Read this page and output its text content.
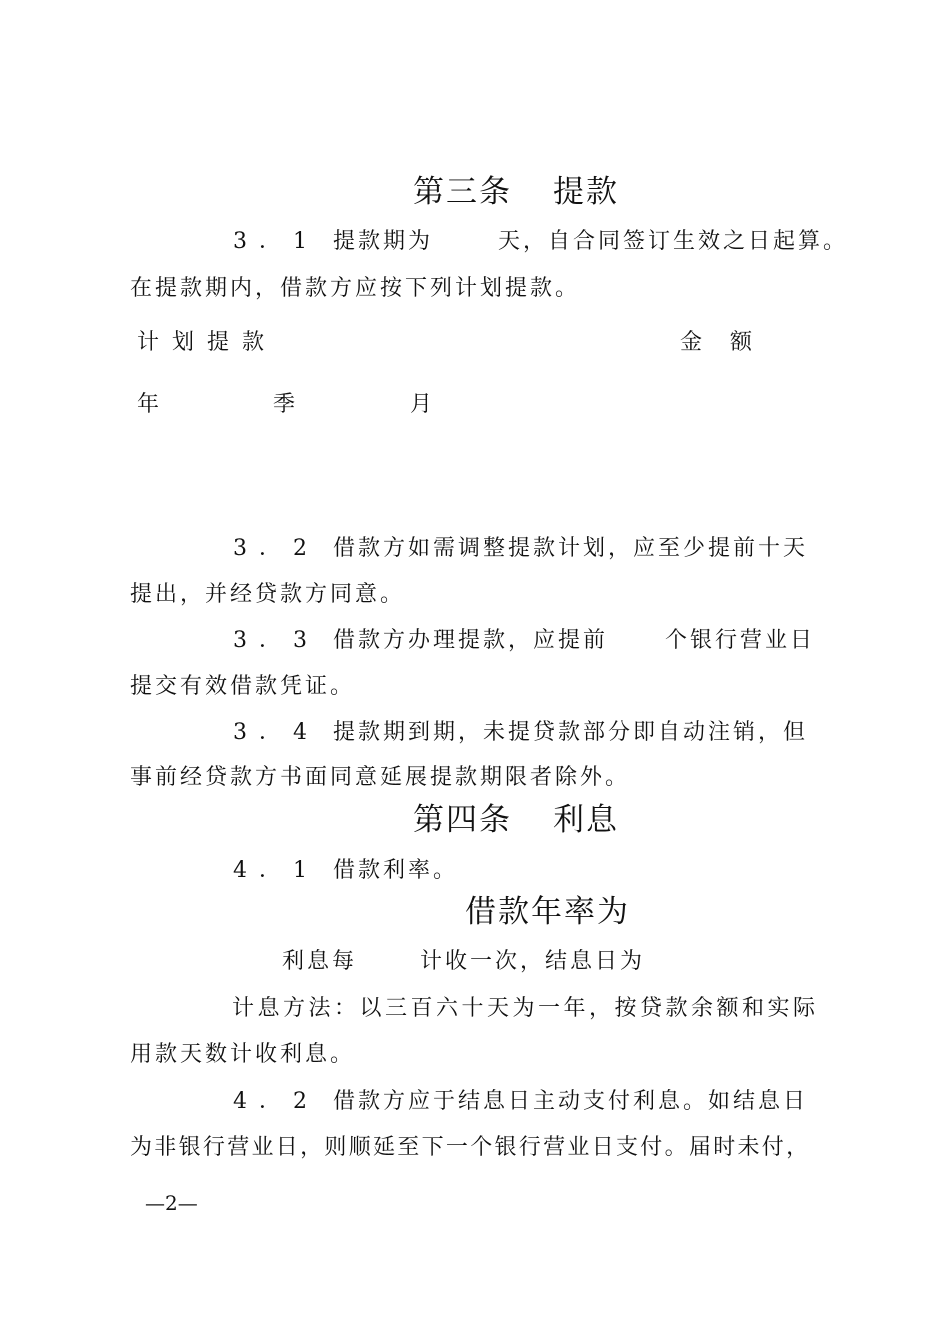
第三条 提款
3．1 提款期为	天，自合同签订生效之日起算。
在提款期内，借款方应按下列计划提款。
计 划 提 款	金　额
年	季	月
3．2 借款方如需调整提款计划，应至少提前十天
提出，并经贷款方同意。
3．3 借款方办理提款，应提前	个银行营业日
提交有效借款凭证。
3．4 提款期到期，未提贷款部分即自动注销，但
事前经贷款方书面同意延展提款期限者除外。
第四条 利息
4．1 借款利率。
借款年率为
利息每	计收一次，结息日为
计息方法：以三百六十天为一年，按贷款余额和实际
用款天数计收利息。
4．2 借款方应于结息日主动支付利息。如结息日
为非银行营业日，则顺延至下一个银行营业日支付。届时未付，
—2—
